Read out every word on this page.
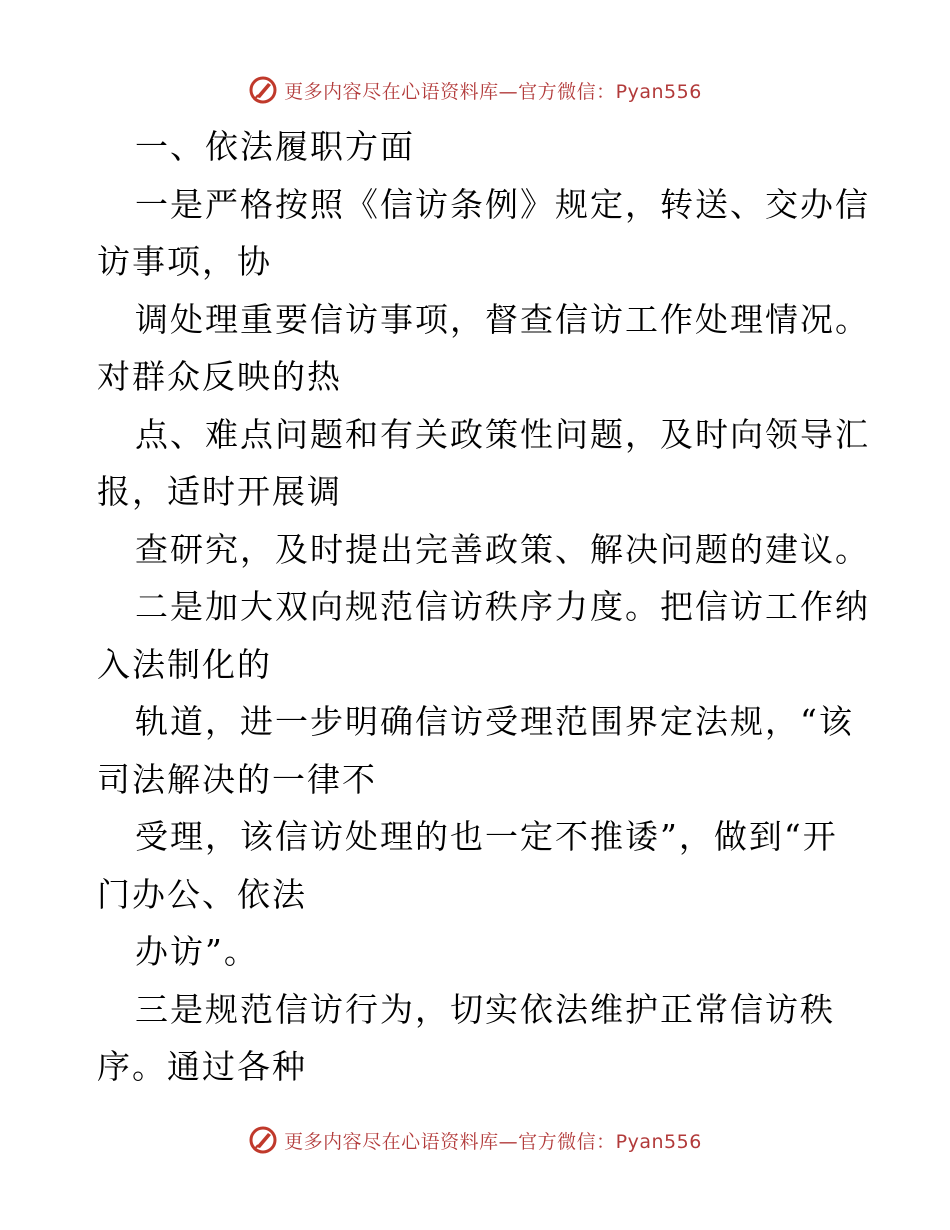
更多内容尽在心语资料库—官方微信：Pyan556
一、依法履职方面
一是严格按照《信访条例》规定，转送、交办信
访事项，协
调处理重要信访事项，督查信访工作处理情况。
对群众反映的热
点、难点问题和有关政策性问题，及时向领导汇
报，适时开展调
查研究，及时提出完善政策、解决问题的建议。
二是加大双向规范信访秩序力度。把信访工作纳
入法制化的
轨道，进一步明确信访受理范围界定法规，“该
司法解决的一律不
受理，该信访处理的也一定不推诿”，做到“开
门办公、依法
办访”。
三是规范信访行为，切实依法维护正常信访秩
序。通过各种
更多内容尽在心语资料库—官方微信：Pyan556
